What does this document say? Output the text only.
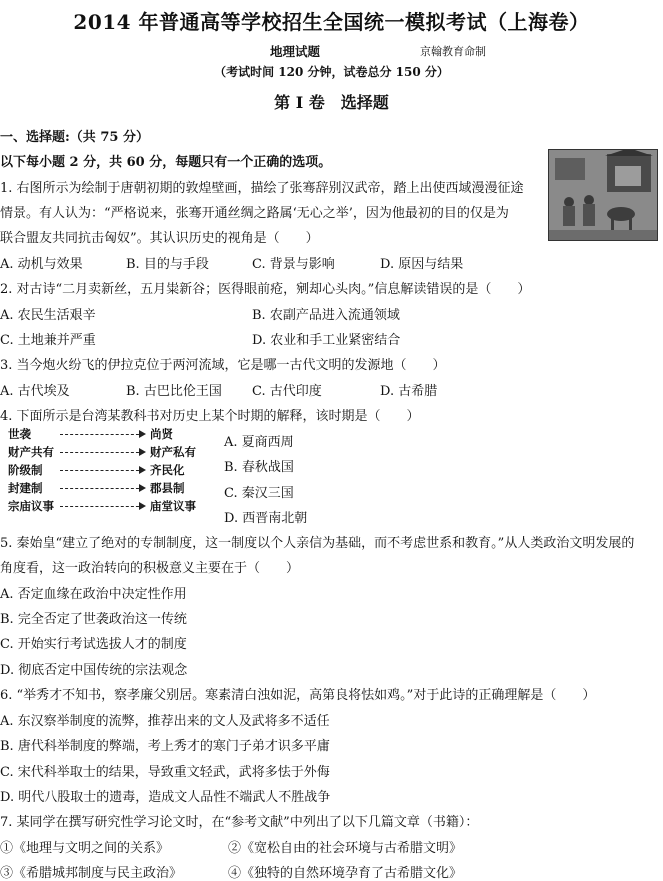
2014 年普通高等学校招生全国统一模拟考试（上海卷）
地理试题	京翰教育命制
（考试时间 120 分钟，试卷总分 150 分）
第 I 卷　选择题
一、选择题:（共 75 分）
以下每小题 2 分，共 60 分，每题只有一个正确的选项。
1. 右图所示为绘制于唐朝初期的敦煌壁画，描绘了张骞辞别汉武帝，踏上出使西域漫漫征途
情景。有人认为：“严格说来，张骞开通丝绸之路属‘无心之举’，因为他最初的目的仅是为
联合盟友共同抗击匈奴”。其认识历史的视角是（　　）
A. 动机与效果	B. 目的与手段	C. 背景与影响	D. 原因与结果
2. 对古诗“二月卖新丝，五月粜新谷；医得眼前疮，剜却心头肉。”信息解读错误的是（　　）
A. 农民生活艰辛	B. 农副产品进入流通领域
C. 土地兼并严重	D. 农业和手工业紧密结合
3. 当今炮火纷飞的伊拉克位于两河流域，它是哪一古代文明的发源地（　　）
A. 古代埃及	B. 古巴比伦王国 C. 古代印度	D. 古希腊
4. 下面所示是台湾某教科书对历史上某个时期的解释，该时期是（　　）
世袭	尚贤
财产共有	财产私有
阶级制	齐民化
封建制	郡县制
宗庙议事	庙堂议事
A. 夏商西周
B. 春秋战国
C. 秦汉三国
D. 西晋南北朝
5. 秦始皇“建立了绝对的专制制度，这一制度以个人亲信为基础，而不考虑世系和教育。”从人类政治文明发展的
角度看，这一政治转向的积极意义主要在于（　　）
A. 否定血缘在政治中决定性作用
B. 完全否定了世袭政治这一传统
C. 开始实行考试选拔人才的制度
D. 彻底否定中国传统的宗法观念
6. “举秀才不知书，察孝廉父别居。寒素清白浊如泥，高第良将怯如鸡。”对于此诗的正确理解是（　　）
A. 东汉察举制度的流弊，推荐出来的文人及武将多不适任
B. 唐代科举制度的弊端，考上秀才的寒门子弟才识多平庸
C. 宋代科举取士的结果，导致重文轻武，武将多怯于外侮
D. 明代八股取士的遗毒，造成文人品性不端武人不胜战争
7. 某同学在撰写研究性学习论文时，在“参考文献”中列出了以下几篇文章（书籍）：
①《地理与文明之间的关系》	②《宽松自由的社会环境与古希腊文明》
③《希腊城邦制度与民主政治》	④《独特的自然环境孕育了古希腊文化》
